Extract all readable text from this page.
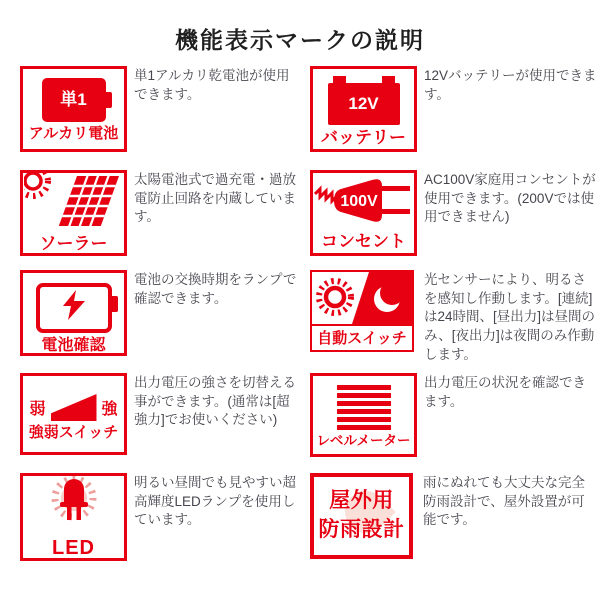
機能表示マークの説明
単1
アルカリ電池

単1アルカリ乾電池が使用できます。	12V
バッテリー

12Vバッテリーが使用できます。

ソーラー

太陽電池式で過充電・過放電防止回路を内蔵しています。

100V
コンセント

AC100V家庭用コンセントが使用できます。(200Vでは使用できません)

電池確認

電池の交換時期をランプで確認できます。

自動スイッチ

光センサーにより、明るさを感知し作動します。[連続]は24時間、[昼出力]は昼間のみ、[夜出力]は夜間のみ作動します。

弱	強
強弱スイッチ

出力電圧の強さを切替える事ができます。(通常は[超強力]でお使いください)

レベルメーター

出力電圧の状況を確認できます。

LED

明るい昼間でも見やすい超高輝度LEDランプを使用しています。

屋外用
防雨設計

雨にぬれても大丈夫な完全防雨設計で、屋外設置が可能です。
